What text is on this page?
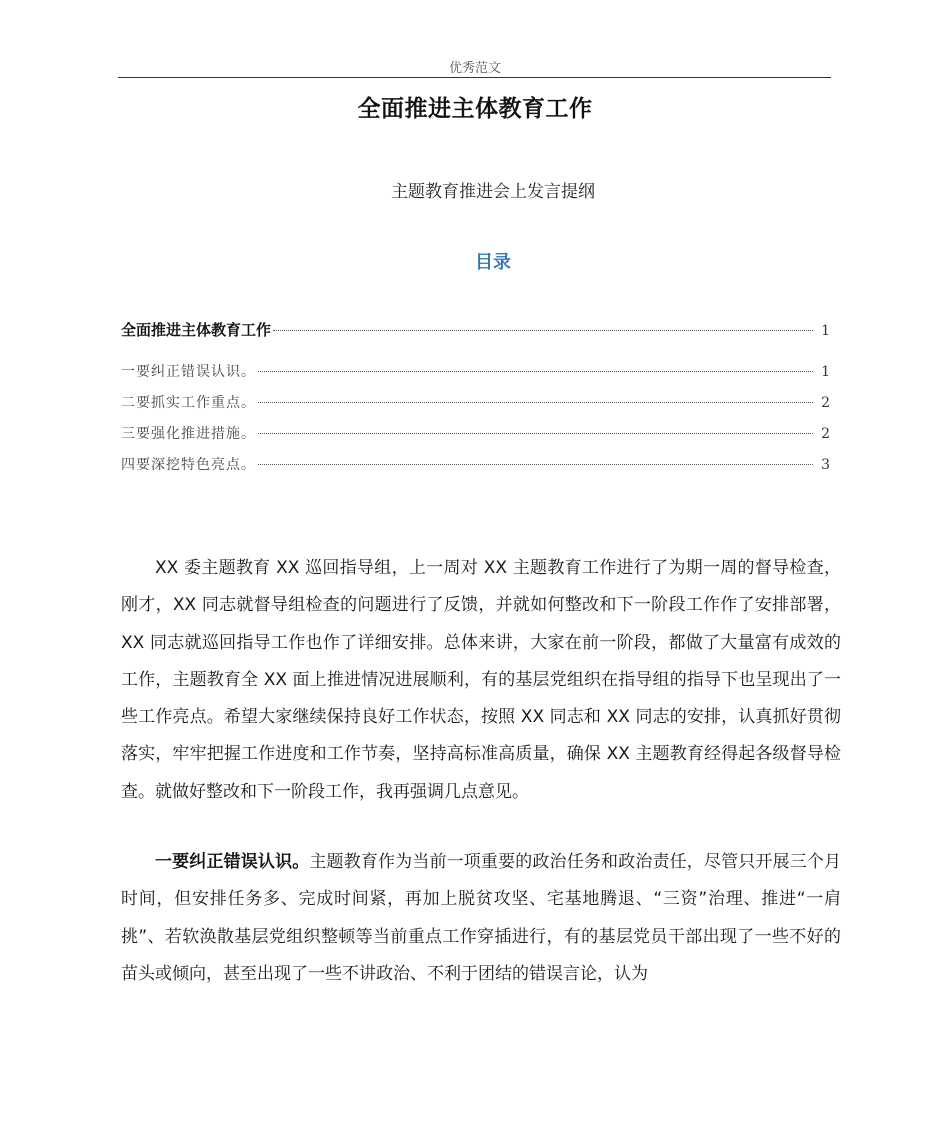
优秀范文
全面推进主体教育工作
主题教育推进会上发言提纲
目录
全面推进主体教育工作	1
一要纠正错误认识。	1
二要抓实工作重点。	2
三要强化推进措施。	2
四要深挖特色亮点。	3

XX 委主题教育 XX 巡回指导组，上一周对 XX 主题教育工作进行了为期一周的督导检查，刚才，XX 同志就督导组检查的问题进行了反馈，并就如何整改和下一阶段工作作了安排部署，XX 同志就巡回指导工作也作了详细安排。总体来讲，大家在前一阶段，都做了大量富有成效的工作，主题教育全 XX 面上推进情况进展顺利，有的基层党组织在指导组的指导下也呈现出了一些工作亮点。希望大家继续保持良好工作状态，按照 XX 同志和 XX 同志的安排，认真抓好贯彻落实，牢牢把握工作进度和工作节奏，坚持高标准高质量，确保 XX 主题教育经得起各级督导检查。就做好整改和下一阶段工作，我再强调几点意见。

一要纠正错误认识。主题教育作为当前一项重要的政治任务和政治责任，尽管只开展三个月时间，但安排任务多、完成时间紧，再加上脱贫攻坚、宅基地腾退、“三资”治理、推进“一肩挑”、若软涣散基层党组织整顿等当前重点工作穿插进行，有的基层党员干部出现了一些不好的苗头或倾向，甚至出现了一些不讲政治、不利于团结的错误言论，认为
